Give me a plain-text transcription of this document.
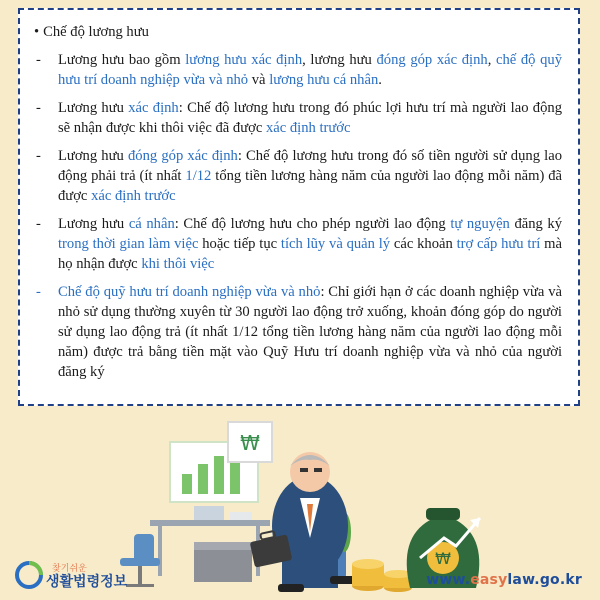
• Chế độ lương hưu
- Lương hưu bao gồm lương hưu xác định, lương hưu đóng góp xác định, chế độ quỹ hưu trí doanh nghiệp vừa và nhỏ và lương hưu cá nhân.
- Lương hưu xác định: Chế độ lương hưu trong đó phúc lợi hưu trí mà người lao động sẽ nhận được khi thôi việc đã được xác định trước
- Lương hưu đóng góp xác định: Chế độ lương hưu trong đó số tiền người sử dụng lao động phải trả (ít nhất 1/12 tổng tiền lương hàng năm của người lao động mỗi năm) đã được xác định trước
- Lương hưu cá nhân: Chế độ lương hưu cho phép người lao động tự nguyện đăng ký trong thời gian làm việc hoặc tiếp tục tích lũy và quản lý các khoản trợ cấp hưu trí mà họ nhận được khi thôi việc
- Chế độ quỹ hưu trí doanh nghiệp vừa và nhỏ: Chỉ giới hạn ở các doanh nghiệp vừa và nhỏ sử dụng thường xuyên từ 30 người lao động trở xuống, khoản đóng góp do người sử dụng lao động trả (ít nhất 1/12 tổng tiền lương hàng năm của người lao động mỗi năm) được trả bằng tiền mặt vào Quỹ Hưu trí doanh nghiệp vừa và nhỏ của người đăng ký
₩
₩
찾기쉬운
생활법령정보	www.easylaw.go.kr
